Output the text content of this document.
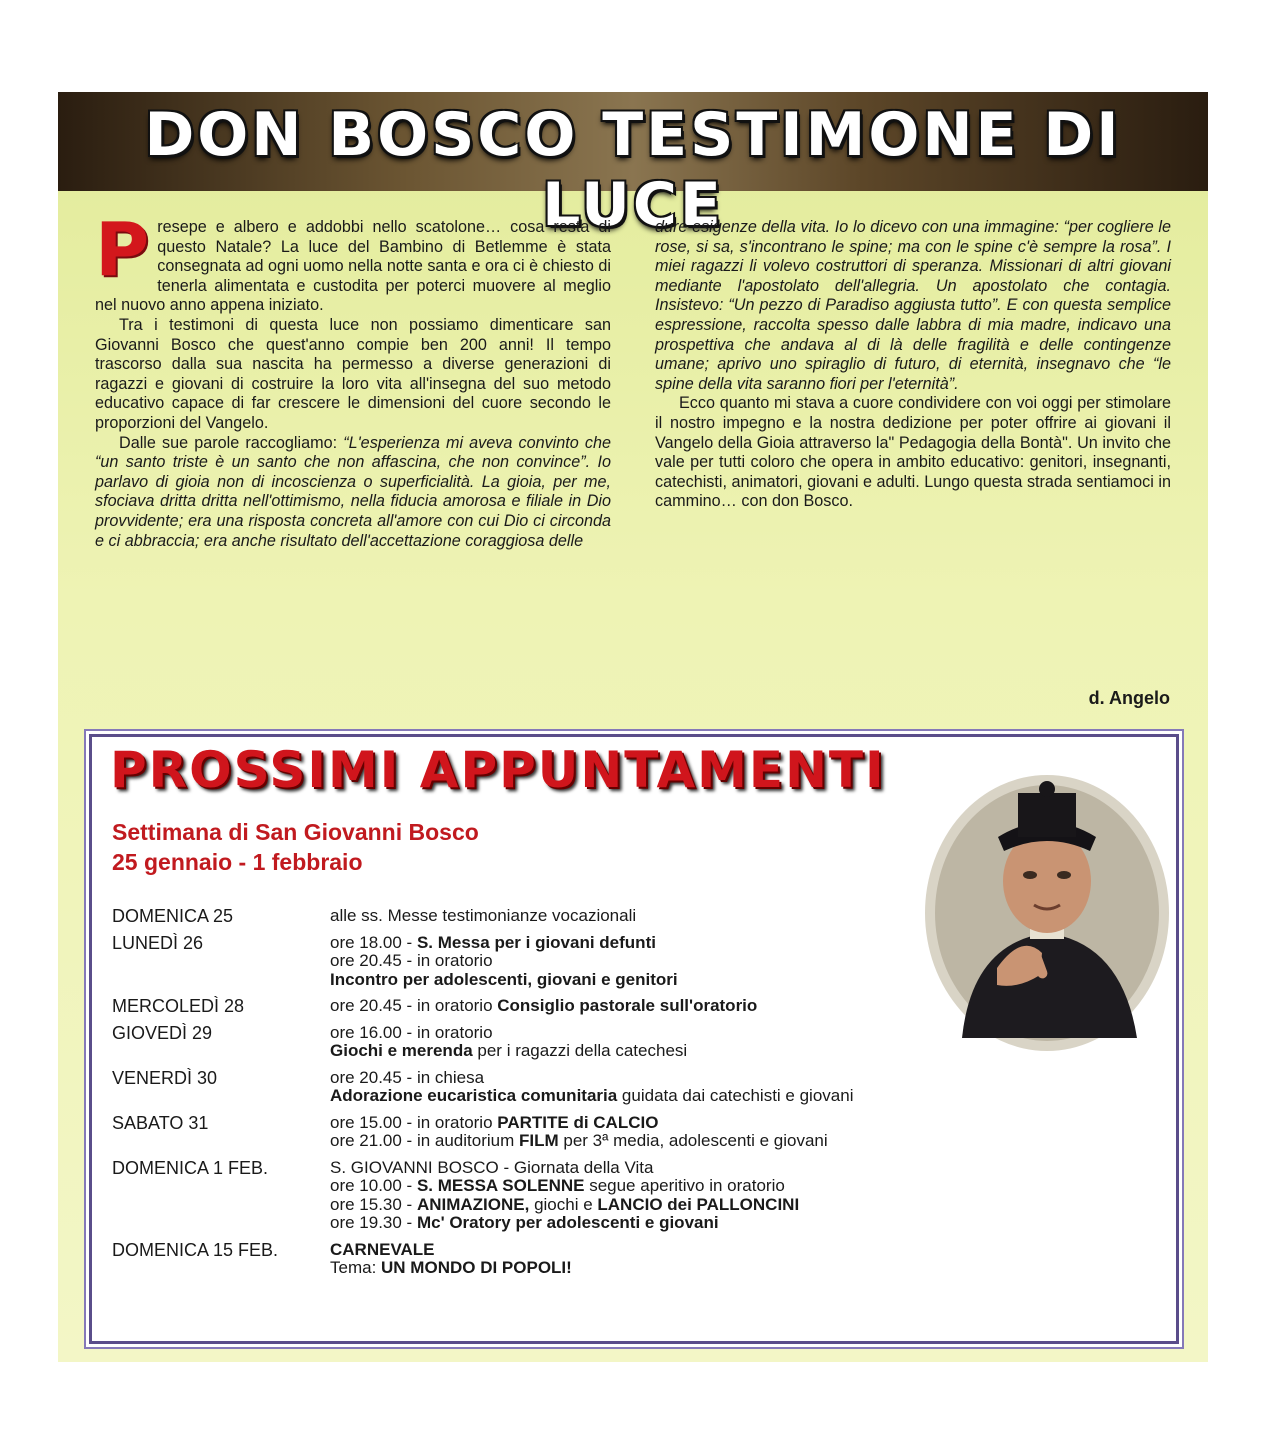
DON BOSCO TESTIMONE DI LUCE

Presepe e albero e addobbi nello scatolone… cosa resta di questo Natale? La luce del Bambino di Betlemme è stata consegnata ad ogni uomo nella notte santa e ora ci è chiesto di tenerla alimentata e custodita per poterci muovere al meglio nel nuovo anno appena iniziato.

Tra i testimoni di questa luce non possiamo dimenticare san Giovanni Bosco che quest'anno compie ben 200 anni! Il tempo trascorso dalla sua nascita ha permesso a diverse generazioni di ragazzi e giovani di costruire la loro vita all'insegna del suo metodo educativo capace di far crescere le dimensioni del cuore secondo le proporzioni del Vangelo.

Dalle sue parole raccogliamo: “L'esperienza mi aveva convinto che “un santo triste è un santo che non affascina, che non convince”. Io parlavo di gioia non di incoscienza o superficialità. La gioia, per me, sfociava dritta dritta nell'ottimismo, nella fiducia amorosa e filiale in Dio provvidente; era una risposta concreta all'amore con cui Dio ci circonda e ci abbraccia; era anche risultato dell'accettazione coraggiosa delle

dure esigenze della vita. Io lo dicevo con una immagine: “per cogliere le rose, si sa, s'incontrano le spine; ma con le spine c'è sempre la rosa”. I miei ragazzi li volevo costruttori di speranza. Missionari di altri giovani mediante l'apostolato dell'allegria. Un apostolato che contagia. Insistevo: “Un pezzo di Paradiso aggiusta tutto”. E con questa semplice espressione, raccolta spesso dalle labbra di mia madre, indicavo una prospettiva che andava al di là delle fragilità e delle contingenze umane; aprivo uno spiraglio di futuro, di eternità, insegnavo che “le spine della vita saranno fiori per l'eternità”.

Ecco quanto mi stava a cuore condividere con voi oggi per stimolare il nostro impegno e la nostra dedizione per poter offrire ai giovani il Vangelo della Gioia attraverso la" Pedagogia della Bontà". Un invito che vale per tutti coloro che opera in ambito educativo: genitori, insegnanti, catechisti, animatori, giovani e adulti. Lungo questa strada sentiamoci in cammino… con don Bosco.

d. Angelo
PROSSIMI APPUNTAMENTI
Settimana di San Giovanni Bosco
25 gennaio - 1 febbraio
DOMENICA 25	alle ss. Messe testimonianze vocazionali
LUNEDÌ 26	ore 18.00 - S. Messa per i giovani defunti
ore 20.45 - in oratorio
Incontro per adolescenti, giovani e genitori
MERCOLEDÌ 28	ore 20.45 - in oratorio Consiglio pastorale sull'oratorio
GIOVEDÌ 29	ore 16.00 - in oratorio
Giochi e merenda per i ragazzi della catechesi
VENERDÌ 30	ore 20.45 - in chiesa
Adorazione eucaristica comunitaria guidata dai catechisti e giovani
SABATO 31	ore 15.00 - in oratorio PARTITE di CALCIO
ore 21.00 - in auditorium FILM per 3ª media, adolescenti e giovani
DOMENICA 1 FEB.	S. GIOVANNI BOSCO - Giornata della Vita
ore 10.00 - S. MESSA SOLENNE segue aperitivo in oratorio
ore 15.30 - ANIMAZIONE, giochi e LANCIO dei PALLONCINI
ore 19.30 - Mc' Oratory per adolescenti e giovani
DOMENICA 15 FEB.	CARNEVALE
Tema: UN MONDO DI POPOLI!
